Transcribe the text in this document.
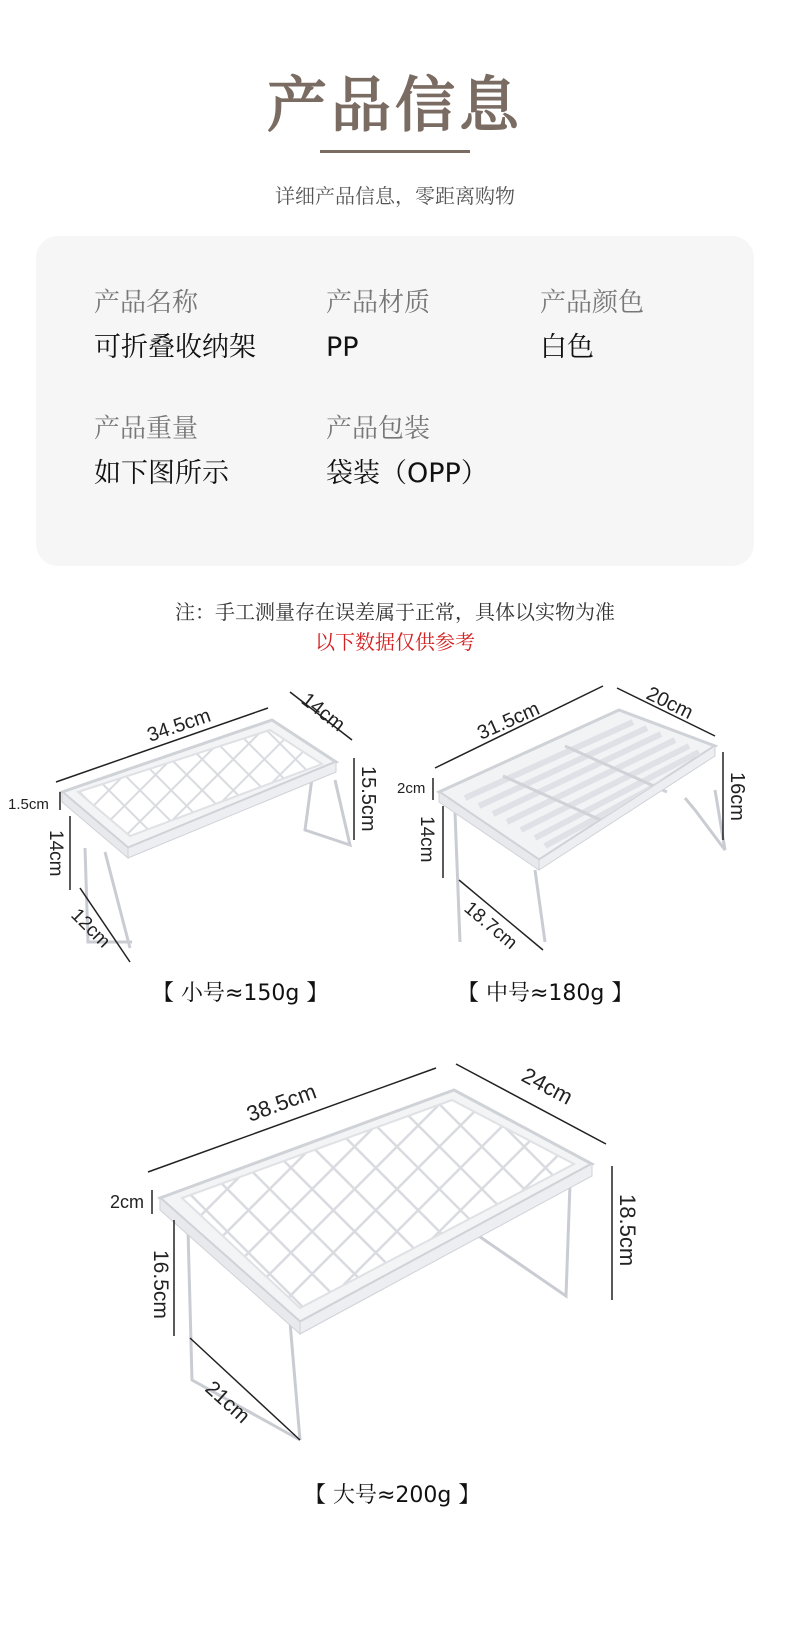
产品信息
详细产品信息，零距离购物
产品名称
可折叠收纳架
产品材质
PP
产品颜色
白色
产品重量
如下图所示
产品包装
袋装（OPP）
注：手工测量存在误差属于正常，具体以实物为准
以下数据仅供参考
34.5cm	14cm
15.5cm
1.5cm
14cm
12cm
【 小号≈150g 】
31.5cm	20cm
16cm
2cm
14cm
18.7cm
【 中号≈180g 】
38.5cm	24cm
18.5cm
2cm
16.5cm
21cm
【 大号≈200g 】
